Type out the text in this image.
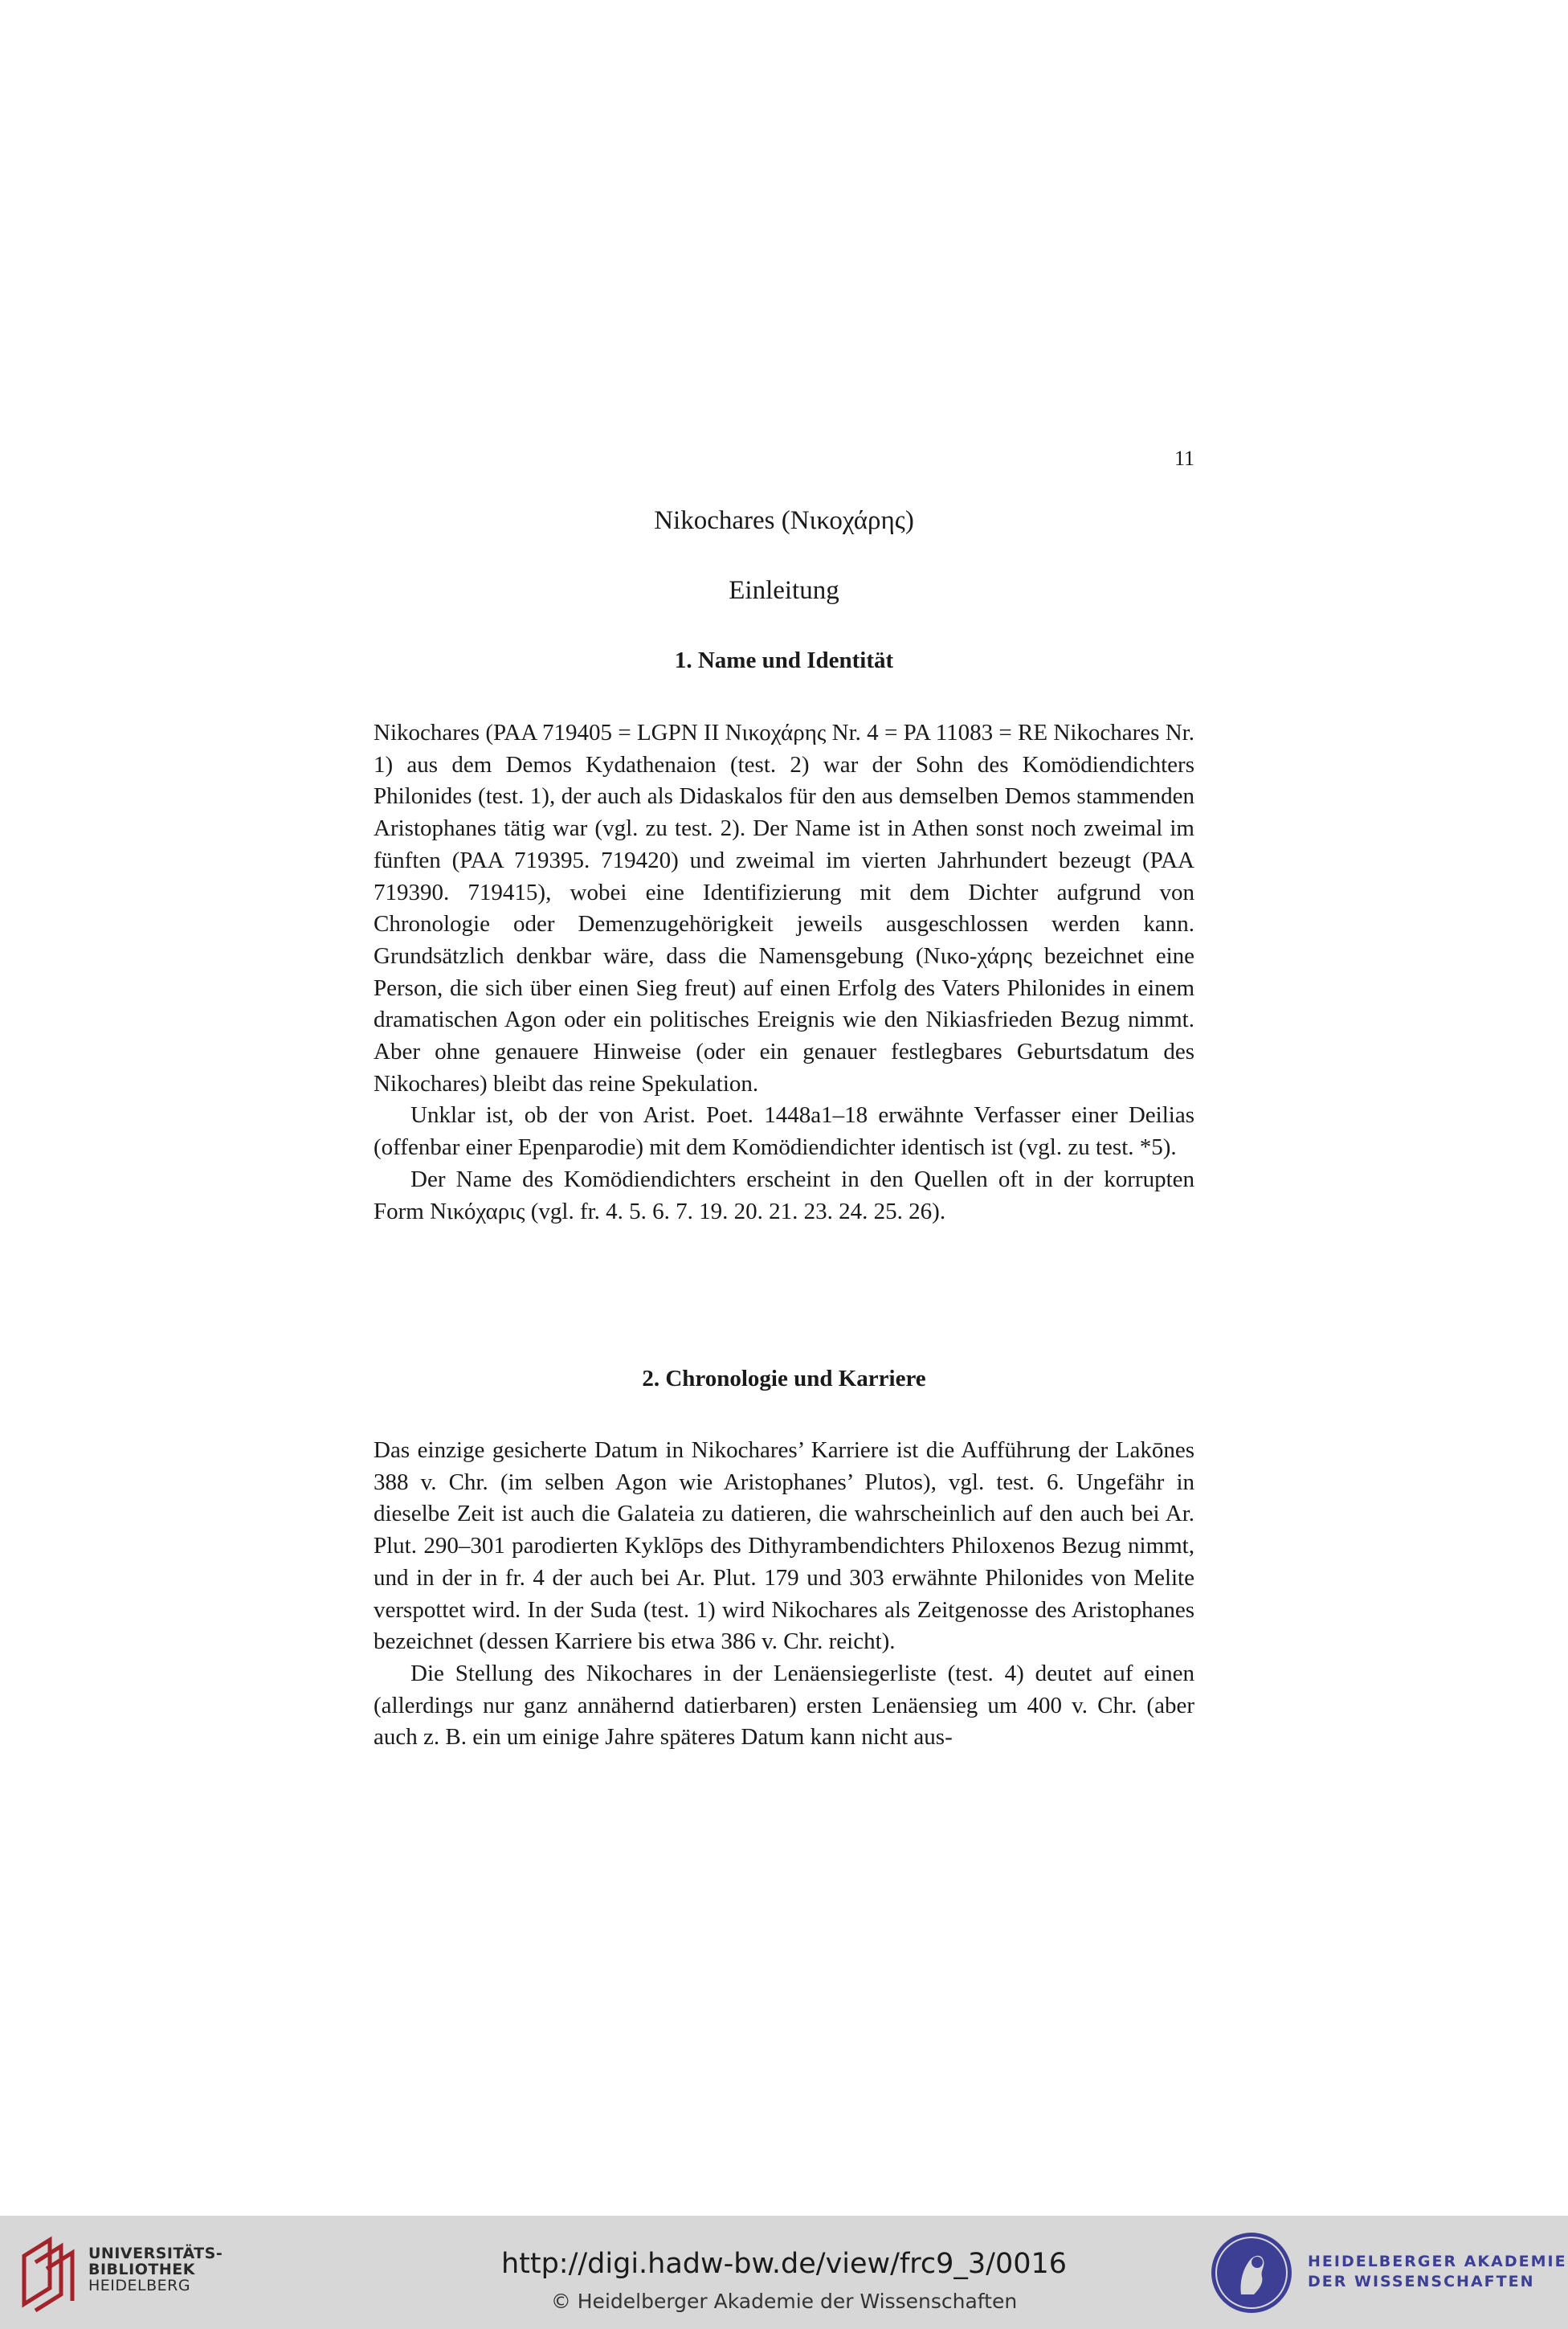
11
Nikochares (Νικοχάρης)
Einleitung
1. Name und Identität

Nikochares (PAA 719405 = LGPN II Νικοχάρης Nr. 4 = PA 11083 = RE Nikochares Nr. 1) aus dem Demos Kydathenaion (test. 2) war der Sohn des Komödiendichters Philonides (test. 1), der auch als Didaskalos für den aus demselben Demos stammenden Aristophanes tätig war (vgl. zu test. 2). Der Name ist in Athen sonst noch zweimal im fünften (PAA 719395. 719420) und zweimal im vierten Jahrhundert bezeugt (PAA 719390. 719415), wobei eine Identifizierung mit dem Dichter aufgrund von Chronologie oder Demenzugehörigkeit jeweils ausgeschlossen werden kann. Grundsätzlich denkbar wäre, dass die Namensgebung (Νικο-χάρης bezeichnet eine Person, die sich über einen Sieg freut) auf einen Erfolg des Vaters Philonides in einem dramatischen Agon oder ein politisches Ereignis wie den Nikiasfrieden Bezug nimmt. Aber ohne genauere Hinweise (oder ein genauer festlegbares Geburtsdatum des Nikochares) bleibt das reine Spekulation.

Unklar ist, ob der von Arist. Poet. 1448a1–18 erwähnte Verfasser einer Deilias (offenbar einer Epenparodie) mit dem Komödiendichter identisch ist (vgl. zu test. *5).

Der Name des Komödiendichters erscheint in den Quellen oft in der korrupten Form Νικόχαρις (vgl. fr. 4. 5. 6. 7. 19. 20. 21. 23. 24. 25. 26).

2. Chronologie und Karriere

Das einzige gesicherte Datum in Nikochares’ Karriere ist die Aufführung der Lakōnes 388 v. Chr. (im selben Agon wie Aristophanes’ Plutos), vgl. test. 6. Ungefähr in dieselbe Zeit ist auch die Galateia zu datieren, die wahrscheinlich auf den auch bei Ar. Plut. 290–301 parodierten Kyklōps des Dithyrambendichters Philoxenos Bezug nimmt, und in der in fr. 4 der auch bei Ar. Plut. 179 und 303 erwähnte Philonides von Melite verspottet wird. In der Suda (test. 1) wird Nikochares als Zeitgenosse des Aristophanes bezeichnet (dessen Karriere bis etwa 386 v. Chr. reicht).

Die Stellung des Nikochares in der Lenäensiegerliste (test. 4) deutet auf einen (allerdings nur ganz annähernd datierbaren) ersten Lenäensieg um 400 v. Chr. (aber auch z. B. ein um einige Jahre späteres Datum kann nicht aus-

UNIVERSITÄTS-
BIBLIOTHEK
HEIDELBERG
http://digi.hadw-bw.de/view/frc9_3/0016
© Heidelberger Akademie der Wissenschaften
HEIDELBERGER AKADEMIE
DER WISSENSCHAFTEN
